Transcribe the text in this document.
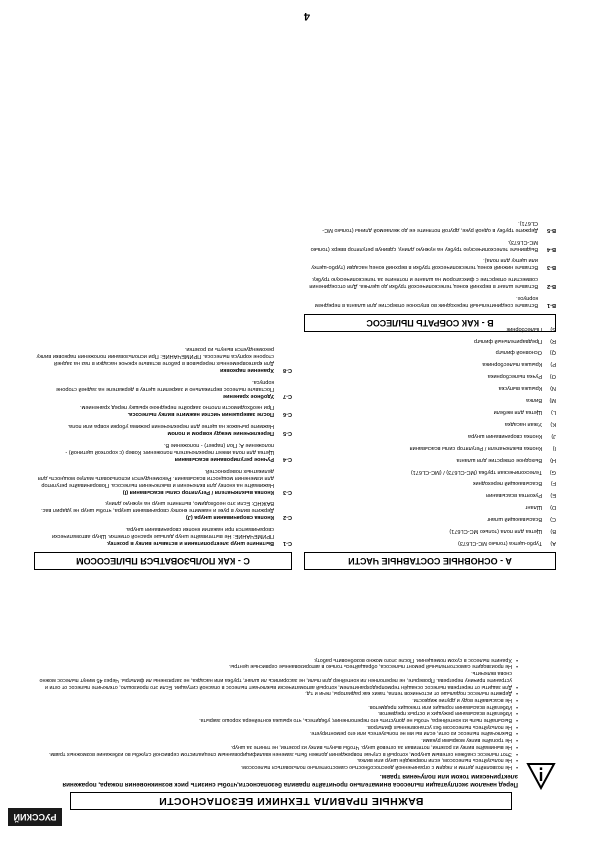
РУССКИЙ
ВАЖНЫЕ ПРАВИЛА ТЕХНИКИ БЕЗОПАСНОСТИ
Перед началом эксплуатации пылесоса внимательно прочитайте правила безопасности,чтобы снизить риск возникновения пожара, поражения электрическим током или получения травм.
• Не позволяйте детям и людям с ограниченной дееспособностью самостоятельно пользоваться пылесосом.
• Не пользуйтесь пылесосом, если повреждён шнур или вилка.
• Этот пылесос снабжен сетевым шнуром, который в случае повреждения должен быть заменен квалифицированным специалистом сервисной службы во избежание возможных травм.
• Не вынимайте вилку из розетки, потягивая за сетевой шнур. Чтобы вынуть вилку из розетки, не тяните за шнур.
• Не трогайте вилку мокрыми руками.
• Выключайте пылесос из сети, если вы им не пользуетесь или его ремонтируете.
• Не пользуйтесь пылесосом без установленных фильтров.
• Высыпайте пыль из контейнера, чтобы не допустить его переполнения; убедитесь, что крышка контейнера хорошо закрыта.
• Избегайте всасывания режущих и острых предметов.
• Избегайте всасывания горящих или тлеющих предметов.
• Не всасывайте воду и другие жидкости.
• Держите пылесос подальше от источников тепла, таких как радиаторы, печи и т.д.
• Для защиты от перегрева пылесос оснащён термопредохранителем, который автоматически выключает пылесос в опасной ситуации. Если это произошло, отключите пылесос от сети и устраните причину перегрева. Проверьте, не переполнен ли контейнер для пыли, не засорились ли шланг, трубка или насадка, не загрязнены ли фильтры. Через 45 минут пылесос можно снова включить.
• Не производите самостоятельный ремонт пылесоса, обращайтесь только в авторизованные сервисные центры.
• Храните пылесос в сухом помещении. После этого можно возобновить работу.
A - ОСНОВНЫЕ СОСТАВНЫЕ ЧАСТИ
A)
Турбо-щетка (только МС-CL673)
B)
Щетка для пола (только МС-CL671)
C)
Всасывающий шланг
D)
Шланг
E)
Рукоятка всасывания
F)
Всасывающий переходник
G)
Телескопическая трубка (МС-CL673) / (МС-CL671)
H)
Выходное отверстие для шланга
I)
Кнопка выключателя / Регулятор силы всасывания
J)
Кнопка сворачивания шнура
K)
Узкая насадка
L)
Щетка для мебели
M)
Вилка
N)
Крышка выпуска
O)
Ручка пылесборника
P)
Крышка пылесборника
Q)
Основной фильтр
R)
Предварительный фильтр
S)
Пылесборник
B - КАК СОБРАТЬ ПЫЛЕСОС
B-1
Вставьте соединительный переходник во впускное отверстие для шланга в переднем корпусе.
B-2
Вставьте шланг в верхний конец телескопической трубки до щелчка. Для отсоединения совместите отверстие с фиксатором на шланге и потяните за телескопическую трубку.
B-3
Вставьте нижний конец телескопической трубки в верхний конец насадки (турбо-щетку или щетку для пола).
B-4
Выдвиньте телескопическую трубку на нужную длину, сдвинув регулятор вверх (только МС-CL673).
B-5
Держите трубку в одной руке, другой потяните ее до желаемой длины (только МС-CL671).
C - КАК ПОЛЬЗОВАТЬСЯ ПЫЛЕСОСОМ
C-1
Вытяните шнур электропитания и вставьте вилку в розетку.
ПРИМЕЧАНИЕ: Не вытягивайте шнур дальше красной отметки. Шнур автоматически сворачивается при нажатии кнопки сворачивания шнура.
C-2
Кнопка сворачивания шнура (J)
Держите вилку в руке и нажмите кнопку сворачивания шнура, чтобы шнур не ударил вас. ВАЖНО: Если это необходимо, вытяните шнур на нужную длину.
C-3
Кнопка выключателя / Регулятор силы всасывания (I)
Нажимайте на кнопку для включения и выключения пылесоса. Поворачивайте регулятор для изменения мощности всасывания. Рекомендуется использовать малую мощность для деликатных поверхностей.
C-4
Ручное регулирование всасывания
Щетка для пола имеет переключатель положения: Ковер (с короткой щетиной) - положение A; Пол (паркет) - положение B.
C-5
Переключение между ковром и полом
Нажмите рычажок на щетке для переключения режима уборки ковра или пола.
C-6
После завершения чистки нажмите вилку пылесоса.
При необходимости плотно закройте переднюю крышку перед хранением.
C-7
Удобное хранение
Поставьте пылесос вертикально и закрепите щетку в держателе на задней стороне корпуса.
C-8
Хранение парковки
Для кратковременных перерывов в работе вставьте крючок насадки в паз на задней стороне корпуса пылесоса. ПРИМЕЧАНИЕ: При использовании положения парковки вилку рекомендуется вынуть из розетки.
4
